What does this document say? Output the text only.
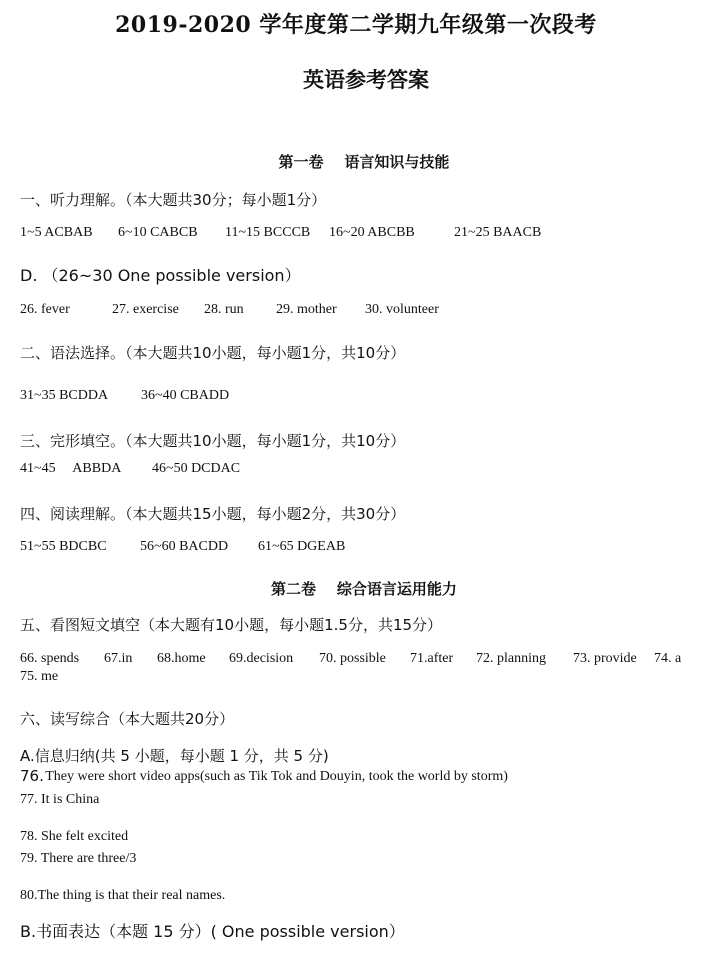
2019-2020 学年度第二学期九年级第一次段考
英语参考答案
第一卷    语言知识与技能
一、听力理解。（本大题共30分；每小题1分）

1~5 ACBAB

6~10 CABCB

11~15 BCCCB

16~20 ABCBB

	21~25 BAACB

D. （26~30 One possible version）

26. fever

	27. exercise

28. run

29. mother

30. volunteer

二、语法选择。（本大题共10小题，每小题1分，共10分）

31~35 BCDDA

36~40 CBADD

三、完形填空。（本大题共10小题，每小题1分，共10分）

41~45     ABBDA

46~50 DCDAC

四、阅读理解。（本大题共15小题，每小题2分，共30分）

51~55 BDCBC

56~60 BACDD

61~65 DGEAB

第二卷    综合语言运用能力
五、看图短文填空（本大题有10小题，每小题1.5分，共15分）

66. spends

67.in

68.home

69.decision

70. possible

71.after

72. planning

73. provide

74. a

75. me

六、读写综合（本大题共20分）
A.信息归纳(共 5 小题，每小题 1 分，共 5 分)

76.

They were short video apps(such as Tik Tok and Douyin, took the world by storm)

77. It is China
78. She felt excited
79. There are three/3
80.The thing is that their real names.
B.书面表达（本题 15 分）( One possible version）
